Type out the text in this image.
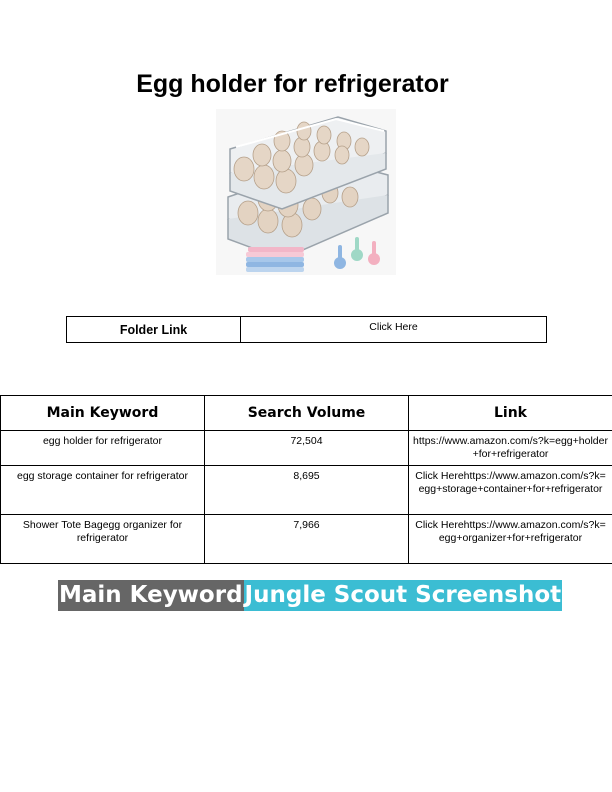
Egg holder for refrigerator
Folder Link	Click Here
Main Keyword	Search Volume	Link
egg holder for refrigerator	72,504	https://www.amazon.com/s?k=egg+holder+for+refrigerator
egg storage container for refrigerator	8,695	Click Herehttps://www.amazon.com/s?k=egg+storage+container+for+refrigerator
Shower Tote Bagegg organizer for refrigerator	7,966	Click Herehttps://www.amazon.com/s?k=egg+organizer+for+refrigerator
Main Keyword Jungle Scout Screenshot
